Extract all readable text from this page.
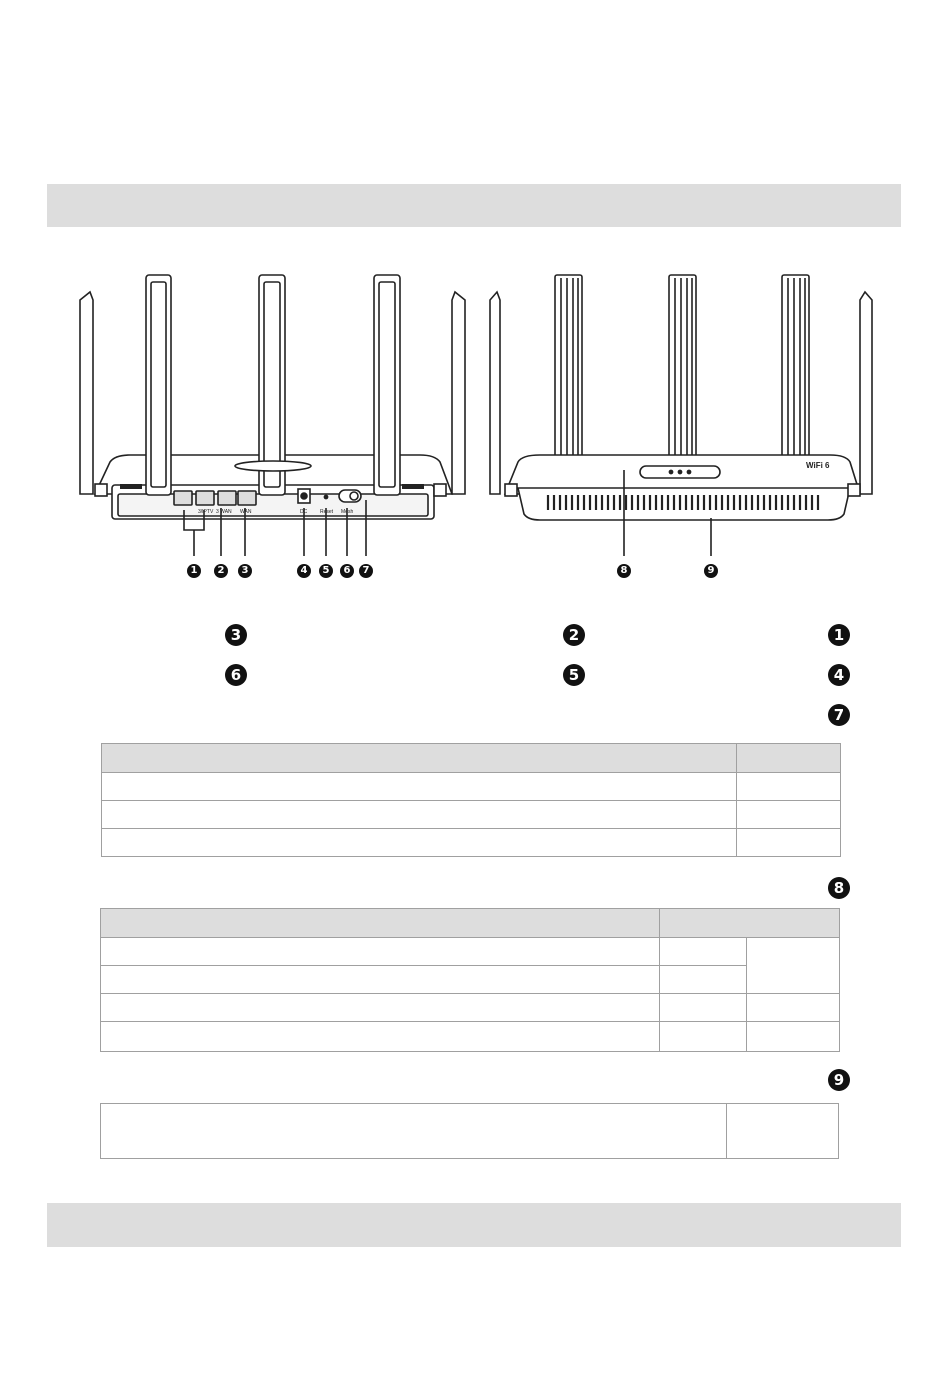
3/IPTV 3 WAN WAN	DC	Reset Mesh
WiFi 6
1	2	3	4	5	6	7	8	9
3	2	1
6	5	4
7

8

9
